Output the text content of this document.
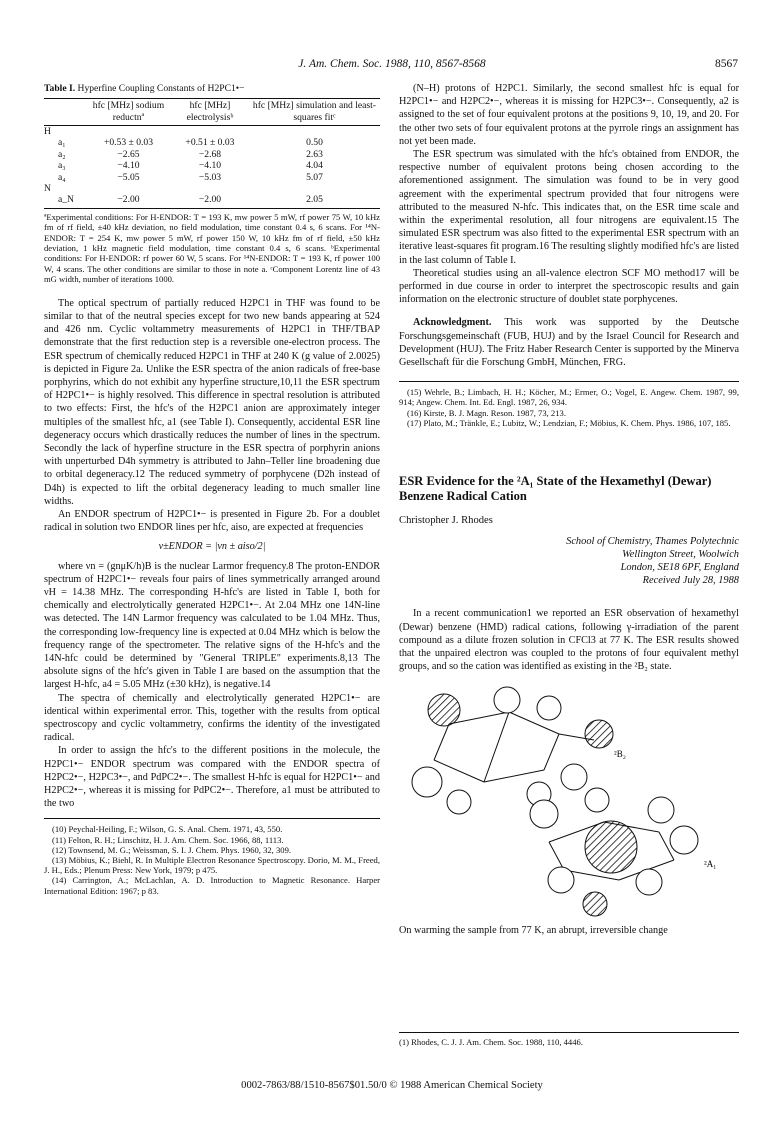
J. Am. Chem. Soc. 1988, 110, 8567-8568	8567
Table I. Hyperfine Coupling Constants of H2PC1•−
	hfc [MHz] sodium reductnª	hfc [MHz] electrolysisᵇ	hfc [MHz] simulation and least-squares fitᶜ
H			
a₁	+0.53 ± 0.03	+0.51 ± 0.03	0.50
a₂	−2.65	−2.68	2.63
a₃	−4.10	−4.10	4.04
a₄	−5.05	−5.03	5.07
N			
a_N	−2.00	−2.00	2.05
ªExperimental conditions: For H-ENDOR: T = 193 K, mw power 5 mW, rf power 75 W, 10 kHz fm of rf field, ±40 kHz deviation, no field modulation, time constant 0.4 s, 6 scans. For ¹⁴N-ENDOR: T = 254 K, mw power 5 mW, rf power 150 W, 10 kHz fm of rf field, ±50 kHz deviation, 1 kHz magnetic field modulation, time constant 0.4 s, 6 scans. ᵇExperimental conditions: For H-ENDOR: rf power 60 W, 5 scans. For ¹⁴N-ENDOR: T = 193 K, rf power 100 W, 4 scans. The other conditions are similar to those in note a. ᶜComponent Lorentz line of 43 mG width, number of iterations 1000.

The optical spectrum of partially reduced H2PC1 in THF was found to be similar to that of the neutral species except for two new bands appearing at 524 and 426 nm. Cyclic voltammetry measurements of H2PC1 in THF/TBAP demonstrate that the first reduction step is a reversible one-electron process. The ESR spectrum of chemically reduced H2PC1 in THF at 240 K (g value of 2.0025) is depicted in Figure 2a. Unlike the ESR spectra of the anion radicals of free-base porphyrins, which do not exhibit any hyperfine structure,10,11 the ESR spectrum of H2PC1•− is highly resolved. This difference in spectral resolution is attributed to two effects: First, the hfc's of the H2PC1 anion are approximately integer multiples of the smallest hfc, a1 (see Table I). Consequently, accidental ESR line degeneracy occurs which drastically reduces the number of lines in the spectrum. Secondly the lack of hyperfine structure in the ESR spectra of porphyrin anions with unperturbed D4h symmetry is attributed to Jahn–Teller line broadening due to orbital degeneracy.12 The reduced symmetry of porphycene (D2h instead of D4h) is expected to lift the orbital degeneracy leading to much smaller line widths.

An ENDOR spectrum of H2PC1•− is presented in Figure 2b. For a doublet radical in solution two ENDOR lines per hfc, aiso, are expected at frequencies

ν±ENDOR = |νn ± aiso/2|

where νn = (gnμK/h)B is the nuclear Larmor frequency.8 The proton-ENDOR spectrum of H2PC1•− reveals four pairs of lines symmetrically arranged around νH = 14.38 MHz. The corresponding H-hfc's are listed in Table I, both for chemically and electrolytically generated H2PC1•−. At 2.04 MHz one 14N-line was detected. The 14N Larmor frequency was calculated to be 1.04 MHz. Thus, the corresponding low-frequency line is expected at 0.04 MHz which is below the frequency range of the spectrometer. The relative signs of the H-hfc's and the 14N-hfc could be determined by "General TRIPLE" experiments.8,13 The absolute signs of the hfc's given in Table I are based on the assumption that the largest H-hfc, a4 = 5.05 MHz (±30 kHz), is negative.14

The spectra of chemically and electrolytically generated H2PC1•− are identical within experimental error. This, together with the results from optical spectroscopy and cyclic voltammetry, confirms the identity of the investigated radical.

In order to assign the hfc's to the different positions in the molecule, the H2PC1•− ENDOR spectrum was compared with the ENDOR spectra of H2PC2•−, H2PC3•−, and PdPC2•−. The smallest H-hfc is equal for H2PC1•− and H2PC2•−, whereas it is missing for PdPC2•−. Therefore, a1 must be attributed to the two

(10) Peychal-Heiling, F.; Wilson, G. S. Anal. Chem. 1971, 43, 550.
(11) Felton, R. H.; Linschitz, H. J. Am. Chem. Soc. 1966, 88, 1113.
(12) Townsend, M. G.; Weissman, S. I. J. Chem. Phys. 1960, 32, 309.
(13) Möbius, K.; Biehl, R. In Multiple Electron Resonance Spectroscopy. Dorio, M. M., Freed, J. H., Eds.; Plenum Press: New York, 1979; p 475.
(14) Carrington, A.; McLachlan, A. D. Introduction to Magnetic Resonance. Harper International Edition: 1967; p 83.

(N–H) protons of H2PC1. Similarly, the second smallest hfc is equal for H2PC1•− and H2PC2•−, whereas it is missing for H2PC3•−. Consequently, a2 is assigned to the set of four equivalent protons at the positions 9, 10, 19, and 20. For the other two sets of four equivalent protons at the pyrrole rings an assignment has not yet been made.

The ESR spectrum was simulated with the hfc's obtained from ENDOR, the respective number of equivalent protons being chosen according to the aforementioned assignment. The simulation was found to be in very good agreement with the experimental spectrum provided that four nitrogens were attributed to the measured N-hfc. This indicates that, on the ESR time scale and within the experimental resolution, all four nitrogens are equivalent.15 The simulated ESR spectrum was also fitted to the experimental ESR spectrum with an iterative least-squares fit program.16 The resulting slightly modified hfc's are listed in the last column of Table I.

Theoretical studies using an all-valence electron SCF MO method17 will be performed in due course in order to interpret the spectroscopic results and gain information on the electronic structure of doublet state porphycenes.

Acknowledgment. This work was supported by the Deutsche Forschungsgemeinschaft (FUB, HUJ) and by the Israel Council for Research and Development (HUJ). The Fritz Haber Research Center is supported by the Minerva Gesellschaft für die Forschung GmbH, München, FRG.

(15) Wehrle, B.; Limbach, H. H.; Köcher, M.; Ermer, O.; Vogel, E. Angew. Chem. 1987, 99, 914; Angew. Chem. Int. Ed. Engl. 1987, 26, 934.
(16) Kirste, B. J. Magn. Reson. 1987, 73, 213.
(17) Plato, M.; Tränkle, E.; Lubitz, W.; Lendzian, F.; Möbius, K. Chem. Phys. 1986, 107, 185.
ESR Evidence for the ²A₁ State of the Hexamethyl (Dewar) Benzene Radical Cation
Christopher J. Rhodes
School of Chemistry, Thames Polytechnic
Wellington Street, Woolwich
London, SE18 6PF, England
Received July 28, 1988

In a recent communication1 we reported an ESR observation of hexamethyl (Dewar) benzene (HMD) radical cations, following γ-irradiation of the parent compound as a dilute frozen solution in CFCl3 at 77 K. The ESR results showed that the unpaired electron was coupled to the protons of four equivalent methyl groups, and so the cation was identified as existing in the ²B₂ state.

²B₂
²A₁

On warming the sample from 77 K, an abrupt, irreversible change

(1) Rhodes, C. J. J. Am. Chem. Soc. 1988, 110, 4446.
0002-7863/88/1510-8567$01.50/0 © 1988 American Chemical Society
